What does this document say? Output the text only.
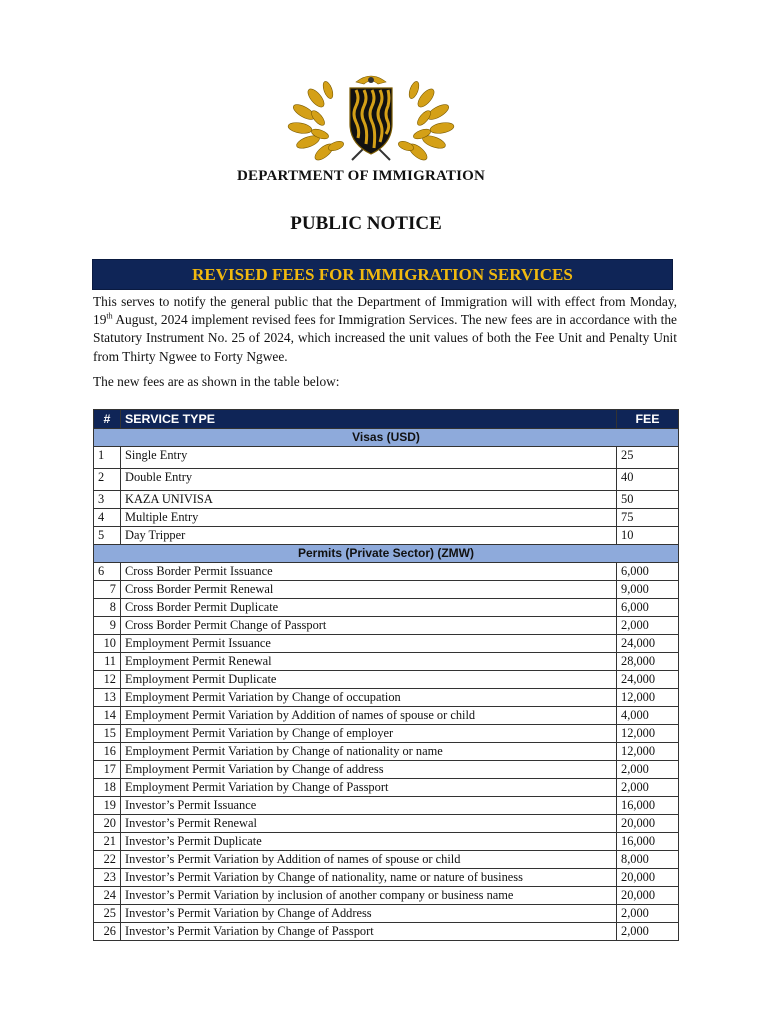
DEPARTMENT OF IMMIGRATION
PUBLIC NOTICE
REVISED FEES FOR IMMIGRATION SERVICES
This serves to notify the general public that the Department of Immigration will with effect from Monday, 19th August, 2024 implement revised fees for Immigration Services. The new fees are in accordance with the Statutory Instrument No. 25 of 2024, which increased the unit values of both the Fee Unit and Penalty Unit from Thirty Ngwee to Forty Ngwee.
The new fees are as shown in the table below:
#	SERVICE TYPE	FEE
Visas (USD)		
1	Single Entry	25
2	Double Entry	40
3	KAZA UNIVISA	50
4	Multiple Entry	75
5	Day Tripper	10
Permits (Private Sector) (ZMW)		
6	Cross Border Permit Issuance	6,000
7	Cross Border Permit Renewal	9,000
8	Cross Border Permit Duplicate	6,000
9	Cross Border Permit Change of Passport	2,000
10	Employment Permit Issuance	24,000
11	Employment Permit Renewal	28,000
12	Employment Permit Duplicate	24,000
13	Employment Permit Variation by Change of occupation	12,000
14	Employment Permit Variation by Addition of names of spouse or child	4,000
15	Employment Permit Variation by Change of employer	12,000
16	Employment Permit Variation by Change of nationality or name	12,000
17	Employment Permit Variation by Change of address	2,000
18	Employment Permit Variation by Change of Passport	2,000
19	Investor’s Permit Issuance	16,000
20	Investor’s Permit Renewal	20,000
21	Investor’s Permit Duplicate	16,000
22	Investor’s Permit Variation by Addition of names of spouse or child	8,000
23	Investor’s Permit Variation by Change of nationality, name or nature of business	20,000
24	Investor’s Permit Variation by inclusion of another company or business name	20,000
25	Investor’s Permit Variation by Change of Address	2,000
26	Investor’s Permit Variation by Change of Passport	2,000
